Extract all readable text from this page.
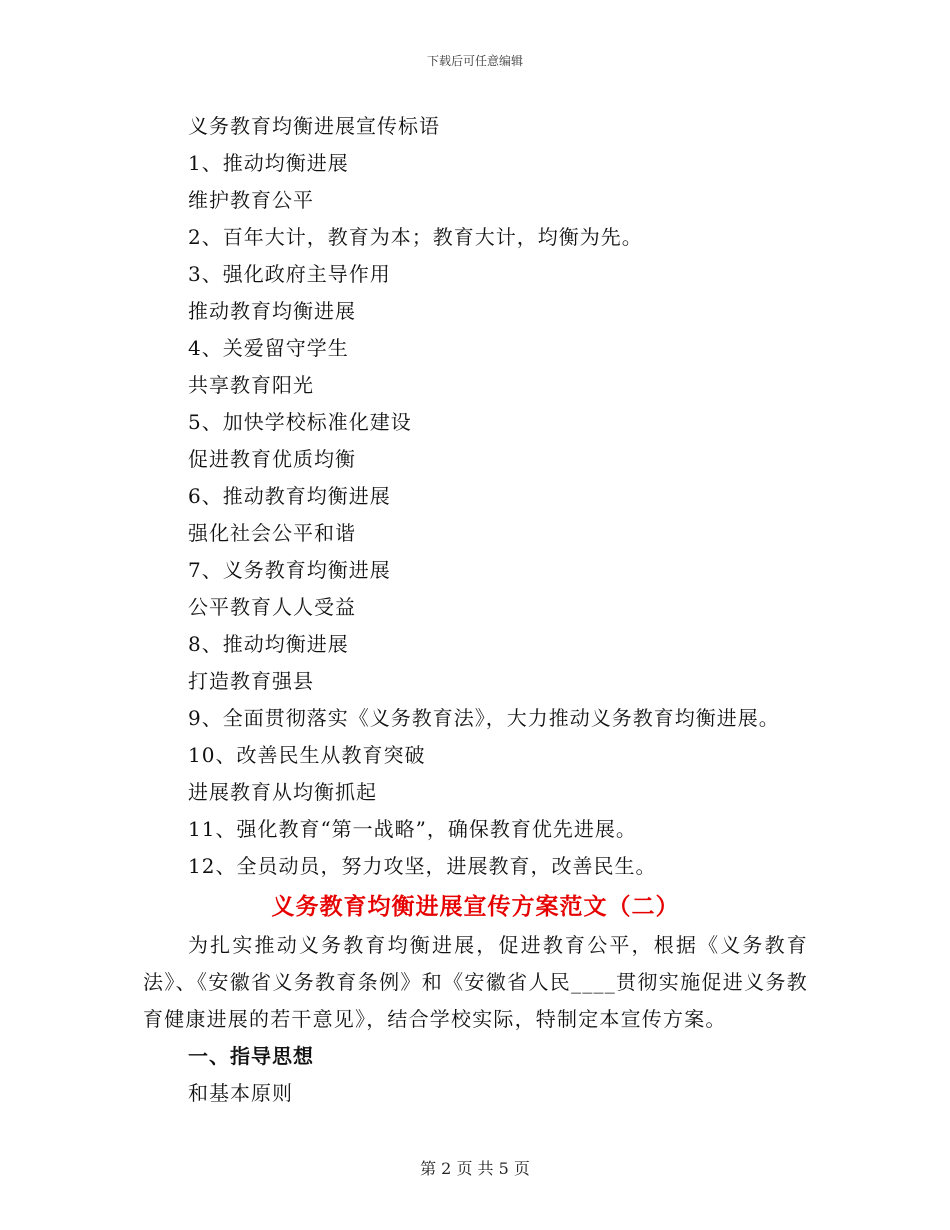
下载后可任意编辑
义务教育均衡进展宣传标语
1、推动均衡进展
维护教育公平
2、百年大计，教育为本；教育大计，均衡为先。
3、强化政府主导作用
推动教育均衡进展
4、关爱留守学生
共享教育阳光
5、加快学校标准化建设
促进教育优质均衡
6、推动教育均衡进展
强化社会公平和谐
7、义务教育均衡进展
公平教育人人受益
8、推动均衡进展
打造教育强县
9、全面贯彻落实《义务教育法》，大力推动义务教育均衡进展。
10、改善民生从教育突破
进展教育从均衡抓起
11、强化教育“第一战略”，确保教育优先进展。
12、全员动员，努力攻坚，进展教育，改善民生。
义务教育均衡进展宣传方案范文（二）
为扎实推动义务教育均衡进展，促进教育公平，根据《义务教育法》、《安徽省义务教育条例》和《安徽省人民____贯彻实施促进义务教育健康进展的若干意见》，结合学校实际，特制定本宣传方案。
一、指导思想
和基本原则
第 2 页 共 5 页
